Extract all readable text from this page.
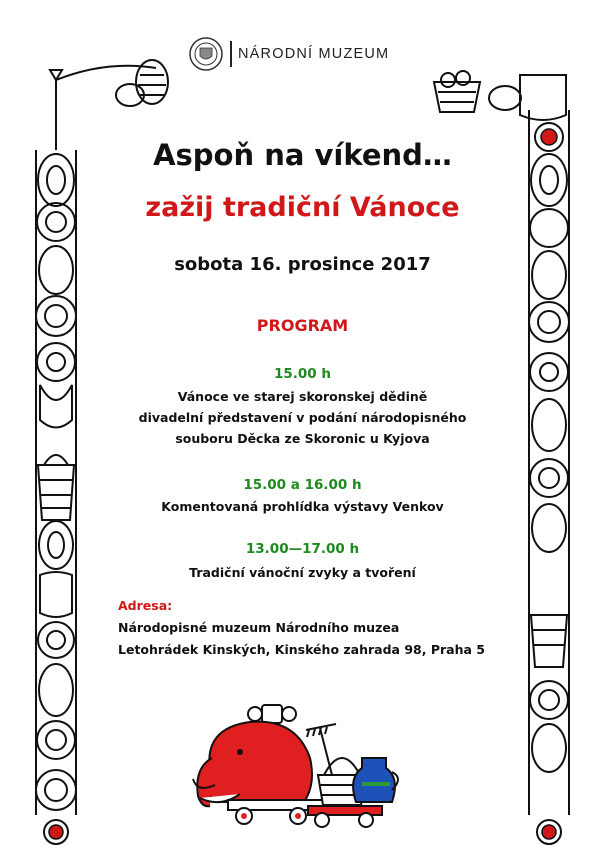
NÁRODNÍ MUZEUM
Aspoň na víkend…
zažij tradiční Vánoce
sobota 16. prosince 2017
PROGRAM
15.00 h
Vánoce ve starej skoronskej dědině
divadelní představení v podání národopisného
souboru Děcka ze Skoronic u Kyjova
15.00 a 16.00 h
Komentovaná prohlídka výstavy Venkov
13.00—17.00 h
Tradiční vánoční zvyky a tvoření
Adresa:
Národopisné muzeum Národního muzea
Letohrádek Kinských, Kinského zahrada 98, Praha 5
